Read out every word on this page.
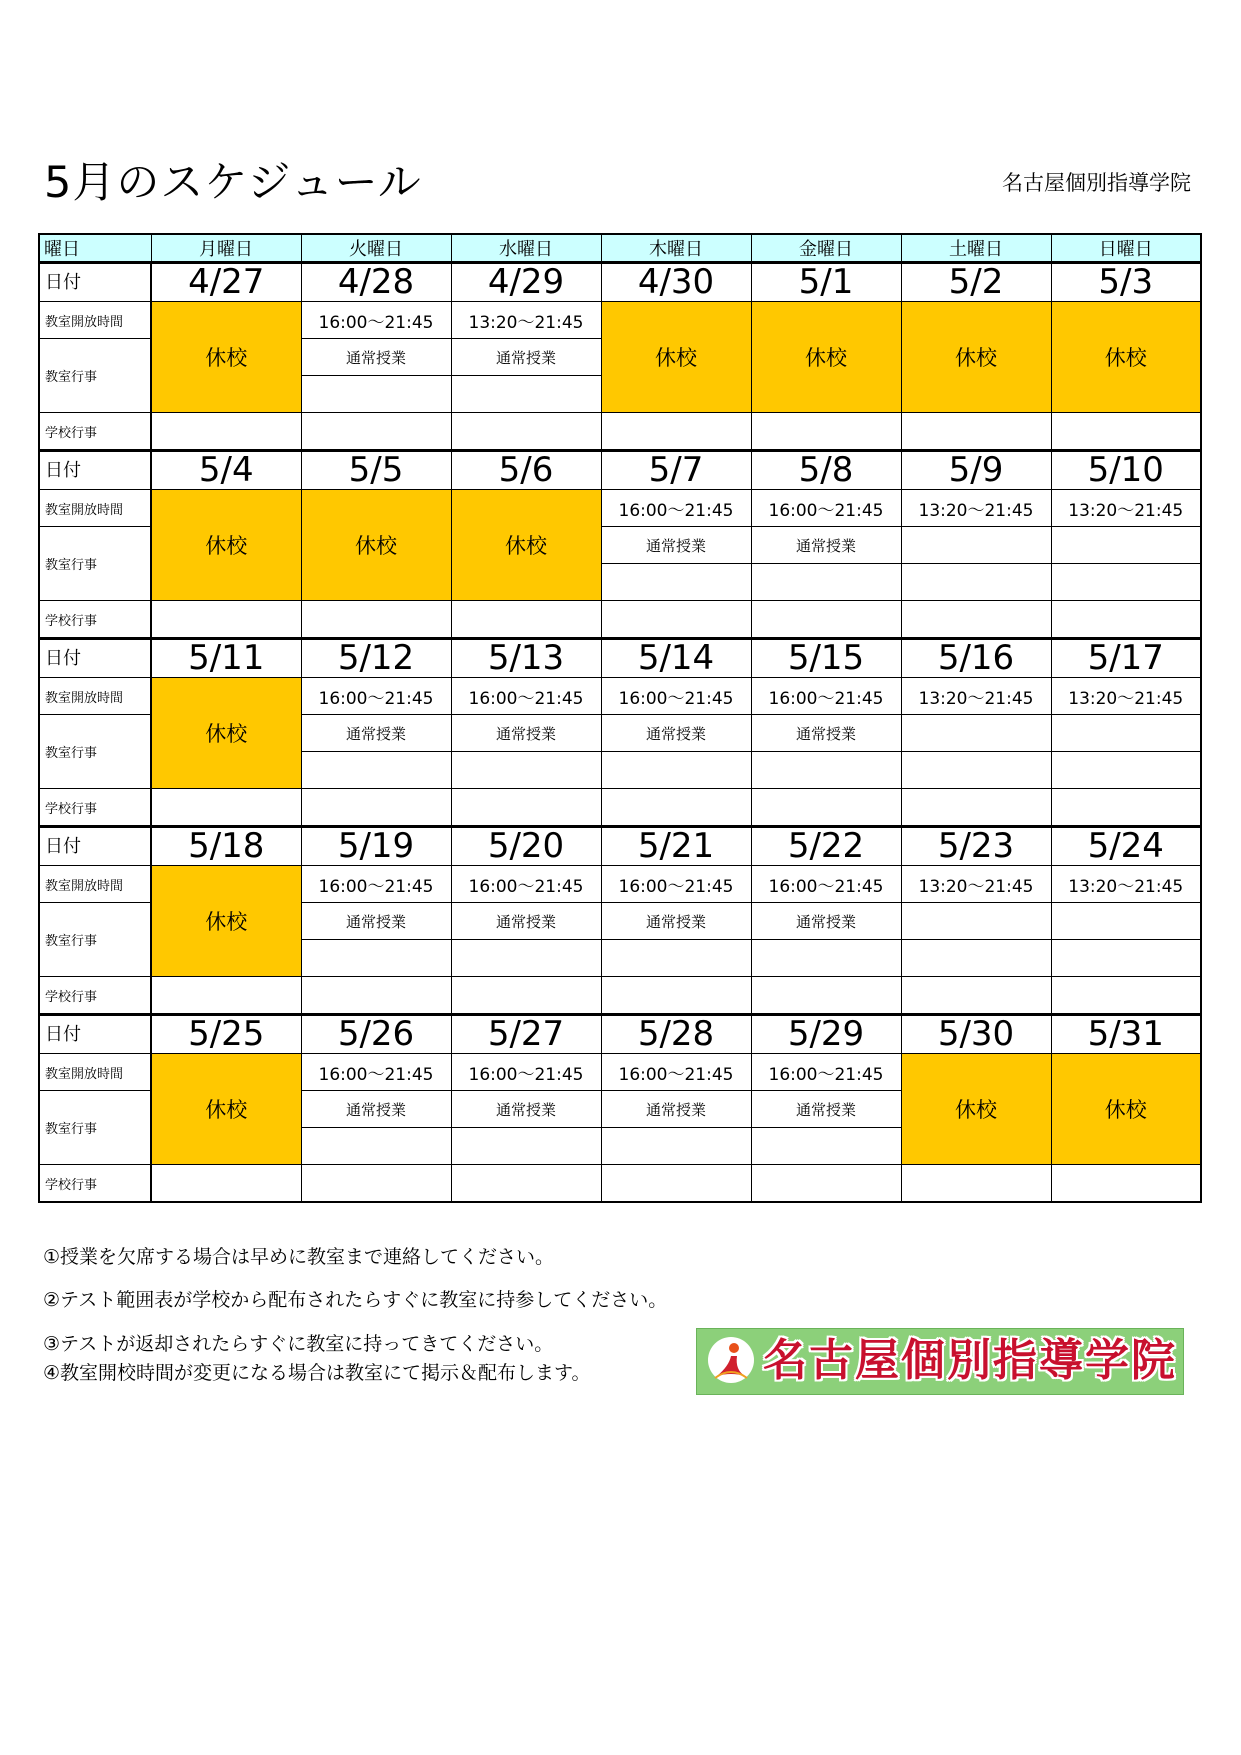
5月のスケジュール	名古屋個別指導学院
曜日	月曜日	火曜日	水曜日	木曜日	金曜日	土曜日	日曜日
日付	4/27	4/28	4/29	4/30	5/1	5/2	5/3
教室開放時間	休校	16:00～21:45	13:20～21:45	休校	休校	休校	休校
教室行事		通常授業	通常授業				

学校行事							
日付	5/4	5/5	5/6	5/7	5/8	5/9	5/10
教室開放時間	休校	休校	休校	16:00～21:45	16:00～21:45	13:20～21:45	13:20～21:45
教室行事				通常授業	通常授業		

学校行事							
日付	5/11	5/12	5/13	5/14	5/15	5/16	5/17
教室開放時間	休校	16:00～21:45	16:00～21:45	16:00～21:45	16:00～21:45	13:20～21:45	13:20～21:45
教室行事		通常授業	通常授業	通常授業	通常授業		

学校行事							
日付	5/18	5/19	5/20	5/21	5/22	5/23	5/24
教室開放時間	休校	16:00～21:45	16:00～21:45	16:00～21:45	16:00～21:45	13:20～21:45	13:20～21:45
教室行事		通常授業	通常授業	通常授業	通常授業		

学校行事							
日付	5/25	5/26	5/27	5/28	5/29	5/30	5/31
教室開放時間	休校	16:00～21:45	16:00～21:45	16:00～21:45	16:00～21:45	休校	休校
教室行事		通常授業	通常授業	通常授業	通常授業		

学校行事							
①授業を欠席する場合は早めに教室まで連絡してください。
②テスト範囲表が学校から配布されたらすぐに教室に持参してください。
③テストが返却されたらすぐに教室に持ってきてください。
④教室開校時間が変更になる場合は教室にて掲示＆配布します。	名古屋個別指導学院
